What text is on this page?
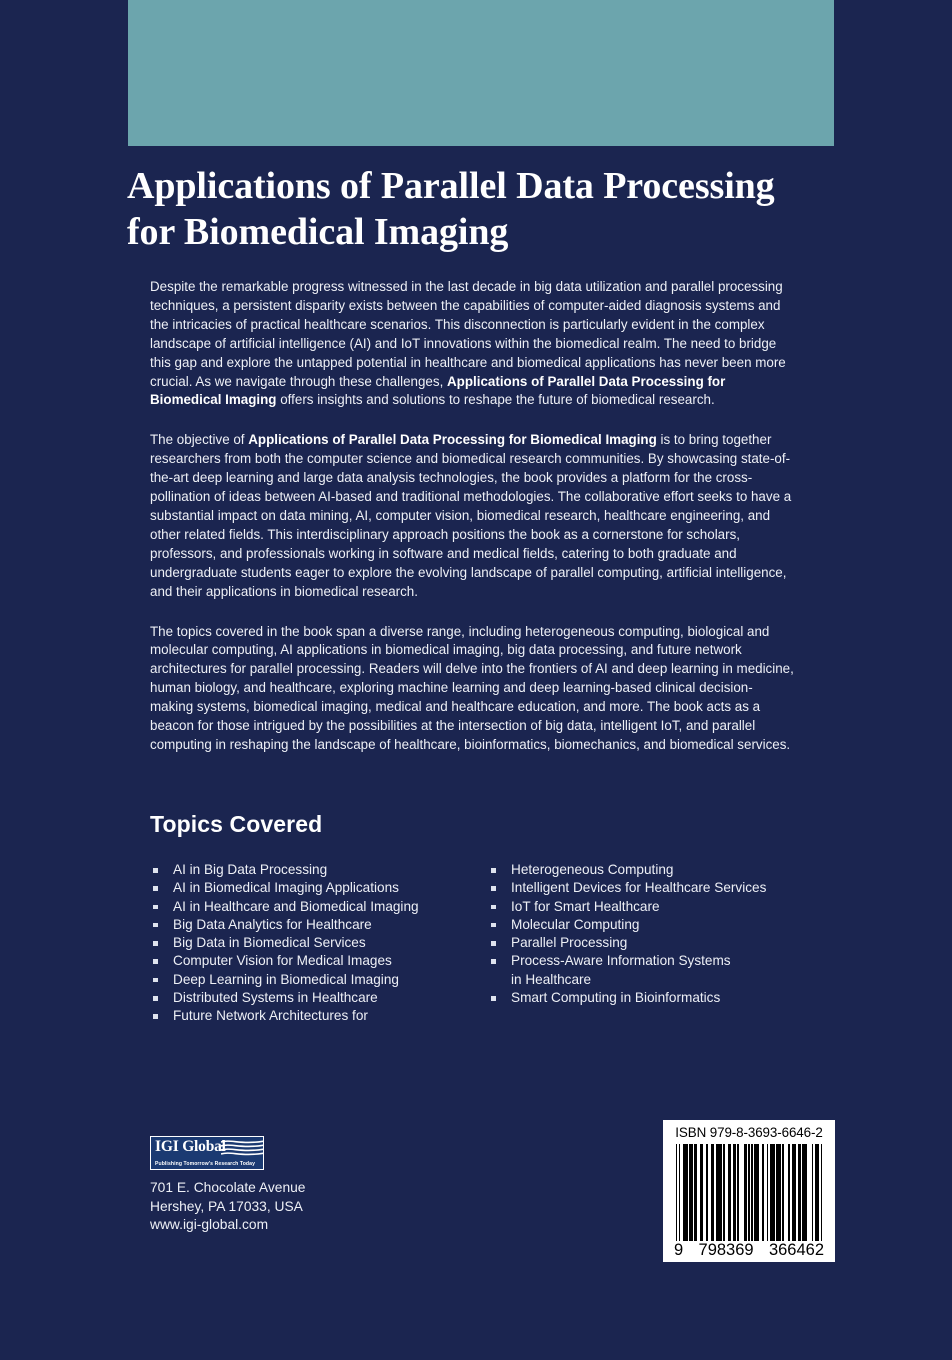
Applications of Parallel Data Processing for Biomedical Imaging

Despite the remarkable progress witnessed in the last decade in big data utilization and parallel processing techniques, a persistent disparity exists between the capabilities of computer-aided diagnosis systems and the intricacies of practical healthcare scenarios. This disconnection is particularly evident in the complex landscape of artificial intelligence (AI) and IoT innovations within the biomedical realm. The need to bridge this gap and explore the untapped potential in healthcare and biomedical applications has never been more crucial. As we navigate through these challenges, Applications of Parallel Data Processing for Biomedical Imaging offers insights and solutions to reshape the future of biomedical research.

The objective of Applications of Parallel Data Processing for Biomedical Imaging is to bring together researchers from both the computer science and biomedical research communities. By showcasing state-of-the-art deep learning and large data analysis technologies, the book provides a platform for the cross-pollination of ideas between AI-based and traditional methodologies. The collaborative effort seeks to have a substantial impact on data mining, AI, computer vision, biomedical research, healthcare engineering, and other related fields. This interdisciplinary approach positions the book as a cornerstone for scholars, professors, and professionals working in software and medical fields, catering to both graduate and undergraduate students eager to explore the evolving landscape of parallel computing, artificial intelligence, and their applications in biomedical research.

The topics covered in the book span a diverse range, including heterogeneous computing, biological and molecular computing, AI applications in biomedical imaging, big data processing, and future network architectures for parallel processing. Readers will delve into the frontiers of AI and deep learning in medicine, human biology, and healthcare, exploring machine learning and deep learning-based clinical decision-making systems, biomedical imaging, medical and healthcare education, and more. The book acts as a beacon for those intrigued by the possibilities at the intersection of big data, intelligent IoT, and parallel computing in reshaping the landscape of healthcare, bioinformatics, biomechanics, and biomedical services.

Topics Covered
AI in Big Data Processing
AI in Biomedical Imaging Applications
AI in Healthcare and Biomedical Imaging
Big Data Analytics for Healthcare
Big Data in Biomedical Services
Computer Vision for Medical Images
Deep Learning in Biomedical Imaging
Distributed Systems in Healthcare
Future Network Architectures for
Heterogeneous Computing
Intelligent Devices for Healthcare Services
IoT for Smart Healthcare
Molecular Computing
Parallel Processing
Process-Aware Information Systems
in Healthcare
Smart Computing in Bioinformatics
IGI Global
Publishing Tomorrow's Research Today
701 E. Chocolate Avenue
Hershey, PA 17033, USA
www.igi-global.com
ISBN 979-8-3693-6646-2
9 798369 366462
